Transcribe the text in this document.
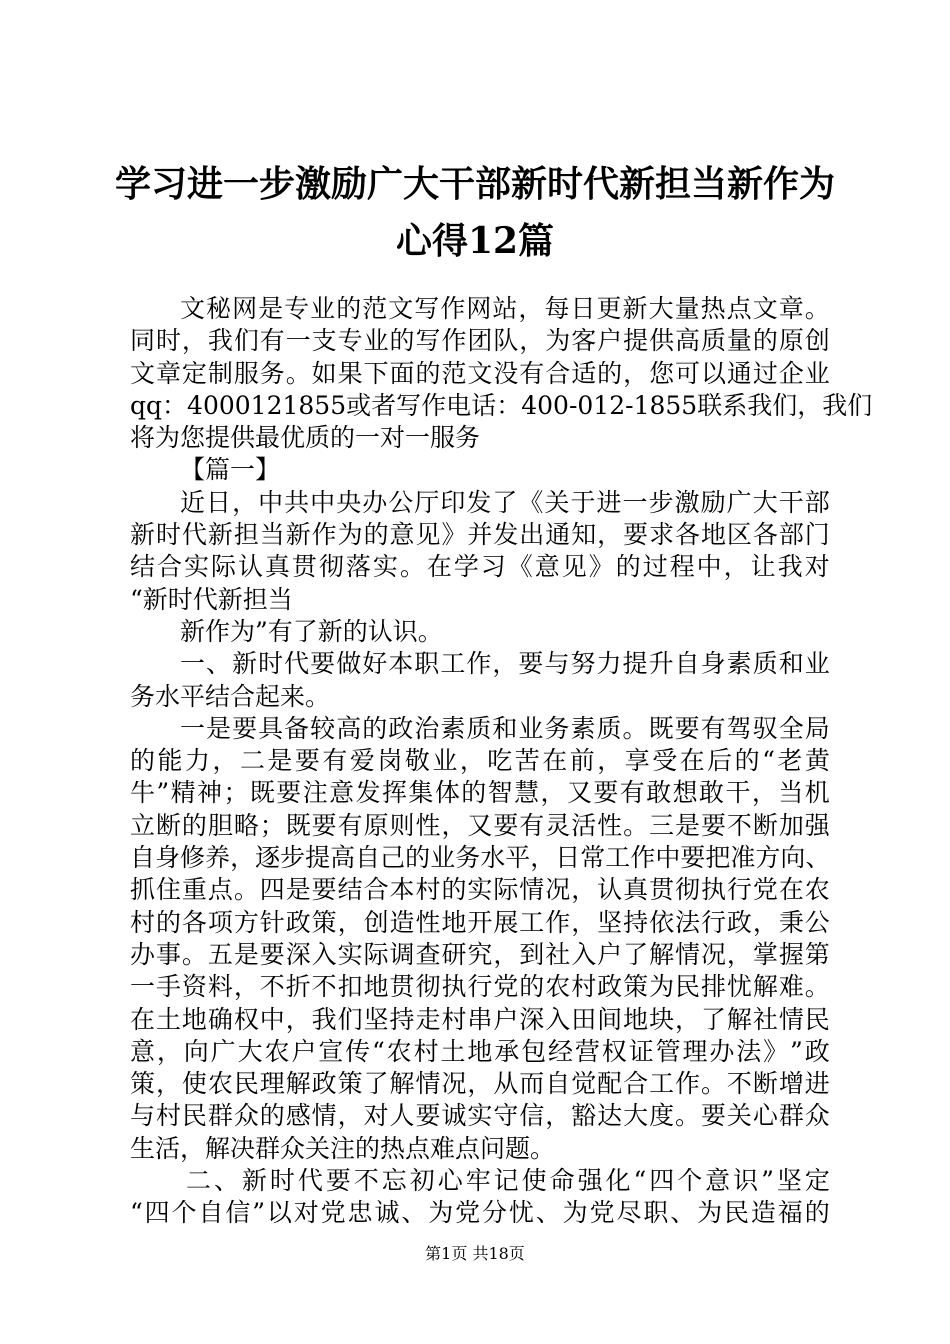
学习进一步激励广大干部新时代新担当新作为
心得12篇
文 秘 网 是 专 业 的 范 文 写 作 网 站 ， 每 日 更 新 大 量 热 点 文 章 。
同 时 ， 我 们 有 一 支 专 业 的 写 作 团 队 ， 为 客 户 提 供 高 质 量 的 原 创
文 章 定 制 服 务 。 如 果 下 面 的 范 文 没 有 合 适 的 ， 您 可 以 通 过 企 业
q q ： 4 0 0 0 1 2 1 8 5 5 或 者 写 作 电 话 ： 4 0 0 - 0 1 2 - 1 8 5 5 联 系 我 们 ， 我 们
将为您提供最优质的一对一服务
【篇一】
近 日 ， 中 共 中 央 办 公 厅 印 发 了 《 关 于 进 一 步 激 励 广 大 干 部
新 时 代 新 担 当 新 作 为 的 意 见 》 并 发 出 通 知 ， 要 求 各 地 区 各 部 门
结 合 实 际 认 真 贯 彻 落 实 。 在 学 习 《 意 见 》 的 过 程 中 ， 让 我 对
“新时代新担当
新作为”有了新的认识。
一 、 新 时 代 要 做 好 本 职 工 作 ， 要 与 努 力 提 升 自 身 素 质 和 业
务水平结合起来。
一 是 要 具 备 较 高 的 政 治 素 质 和 业 务 素 质 。 既 要 有 驾 驭 全 局
的 能 力 ， 二 是 要 有 爱 岗 敬 业 ， 吃 苦 在 前 ， 享 受 在 后 的 “ 老 黄
牛 ” 精 神 ； 既 要 注 意 发 挥 集 体 的 智 慧 ， 又 要 有 敢 想 敢 干 ， 当 机
立 断 的 胆 略 ； 既 要 有 原 则 性 ， 又 要 有 灵 活 性 。 三 是 要 不 断 加 强
自 身 修 养 ， 逐 步 提 高 自 己 的 业 务 水 平 ， 日 常 工 作 中 要 把 准 方 向 、
抓 住 重 点 。 四 是 要 结 合 本 村 的 实 际 情 况 ， 认 真 贯 彻 执 行 党 在 农
村 的 各 项 方 针 政 策 ， 创 造 性 地 开 展 工 作 ， 坚 持 依 法 行 政 ， 秉 公
办 事 。 五 是 要 深 入 实 际 调 查 研 究 ， 到 社 入 户 了 解 情 况 ， 掌 握 第
一 手 资 料 ， 不 折 不 扣 地 贯 彻 执 行 党 的 农 村 政 策 为 民 排 忧 解 难 。
在 土 地 确 权 中 ， 我 们 坚 持 走 村 串 户 深 入 田 间 地 块 ， 了 解 社 情 民
意 ， 向 广 大 农 户 宣 传 “ 农 村 土 地 承 包 经 营 权 证 管 理 办 法 》 ” 政
策 ， 使 农 民 理 解 政 策 了 解 情 况 ， 从 而 自 觉 配 合 工 作 。 不 断 增 进
与 村 民 群 众 的 感 情 ， 对 人 要 诚 实 守 信 ， 豁 达 大 度 。 要 关 心 群 众
生活，解决群众关注的热点难点问题。
二 、 新 时 代 要 不 忘 初 心 牢 记 使 命 强 化 “ 四 个 意 识 ” 坚 定
“ 四 个 自 信 ” 以 对 党 忠 诚 、 为 党 分 忧 、 为 党 尽 职 、 为 民 造 福 的
第1页 共18页
